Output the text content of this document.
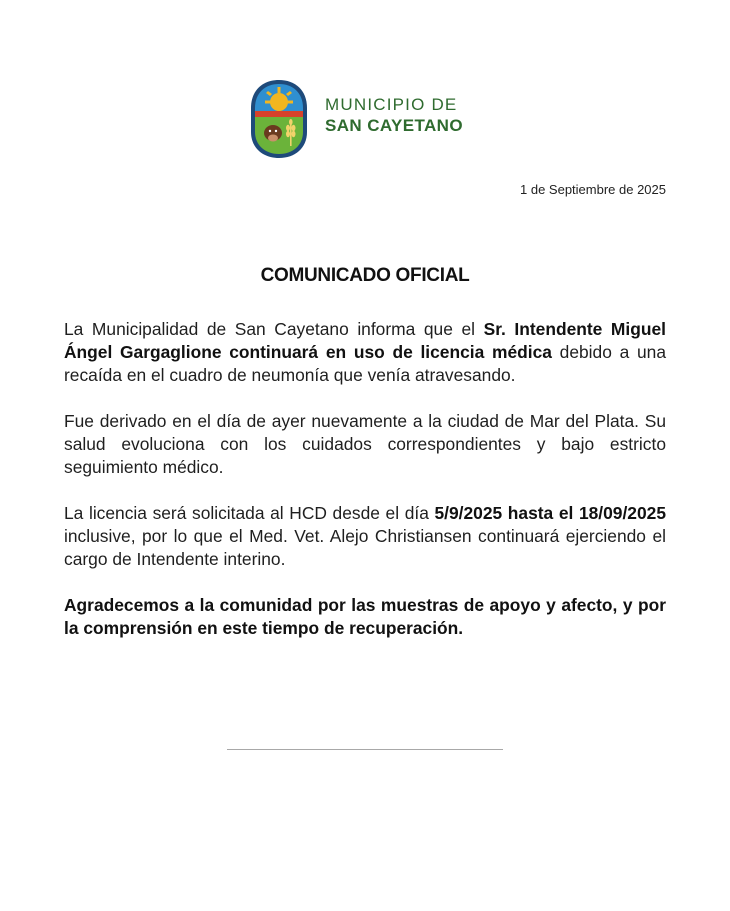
MUNICIPIO DE
SAN CAYETANO
1 de Septiembre de 2025
COMUNICADO OFICIAL

La Municipalidad de San Cayetano informa que el Sr. Intendente Miguel Ángel Gargaglione continuará en uso de licencia médica debido a una recaída en el cuadro de neumonía que venía atravesando.

Fue derivado en el día de ayer nuevamente a la ciudad de Mar del Plata. Su salud evoluciona con los cuidados correspondientes y bajo estricto seguimiento médico.

La licencia será solicitada al HCD desde el día 5/9/2025 hasta el 18/09/2025 inclusive, por lo que el Med. Vet. Alejo Christiansen continuará ejerciendo el cargo de Intendente interino.

Agradecemos a la comunidad por las muestras de apoyo y afecto, y por la comprensión en este tiempo de recuperación.
